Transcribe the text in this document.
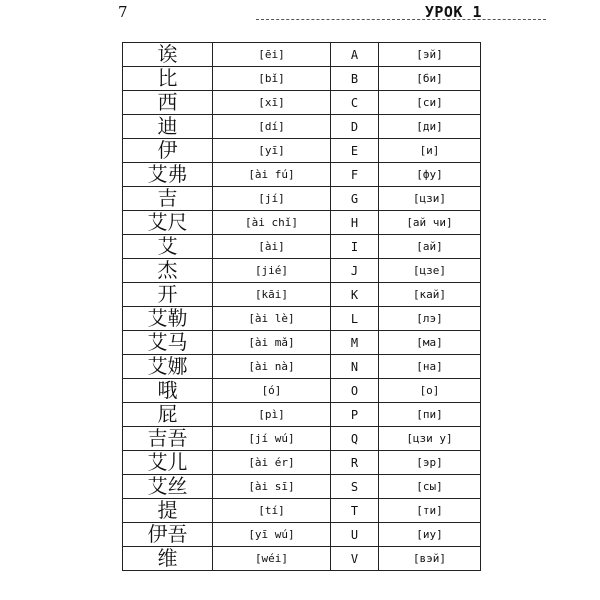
7	УРОК 1
诶	[ēi]	A	[эй]
比	[bǐ]	B	[би]
西	[xī]	C	[си]
迪	[dí]	D	[ди]
伊	[yī]	E	[и]
艾弗	[ài fú]	F	[фу]
吉	[jí]	G	[цзи]
艾尺	[ài chǐ]	H	[ай чи]
艾	[ài]	I	[ай]
杰	[jié]	J	[цзе]
开	[kāi]	K	[кай]
艾勒	[ài lè]	L	[лэ]
艾马	[ài mǎ]	M	[ма]
艾娜	[ài nà]	N	[на]
哦	[ó]	O	[о]
屁	[pì]	P	[пи]
吉吾	[jí wú]	Q	[цзи у]
艾儿	[ài ér]	R	[эр]
艾丝	[ài sī]	S	[сы]
提	[tí]	T	[ти]
伊吾	[yī wú]	U	[иу]
维	[wéi]	V	[вэй]
